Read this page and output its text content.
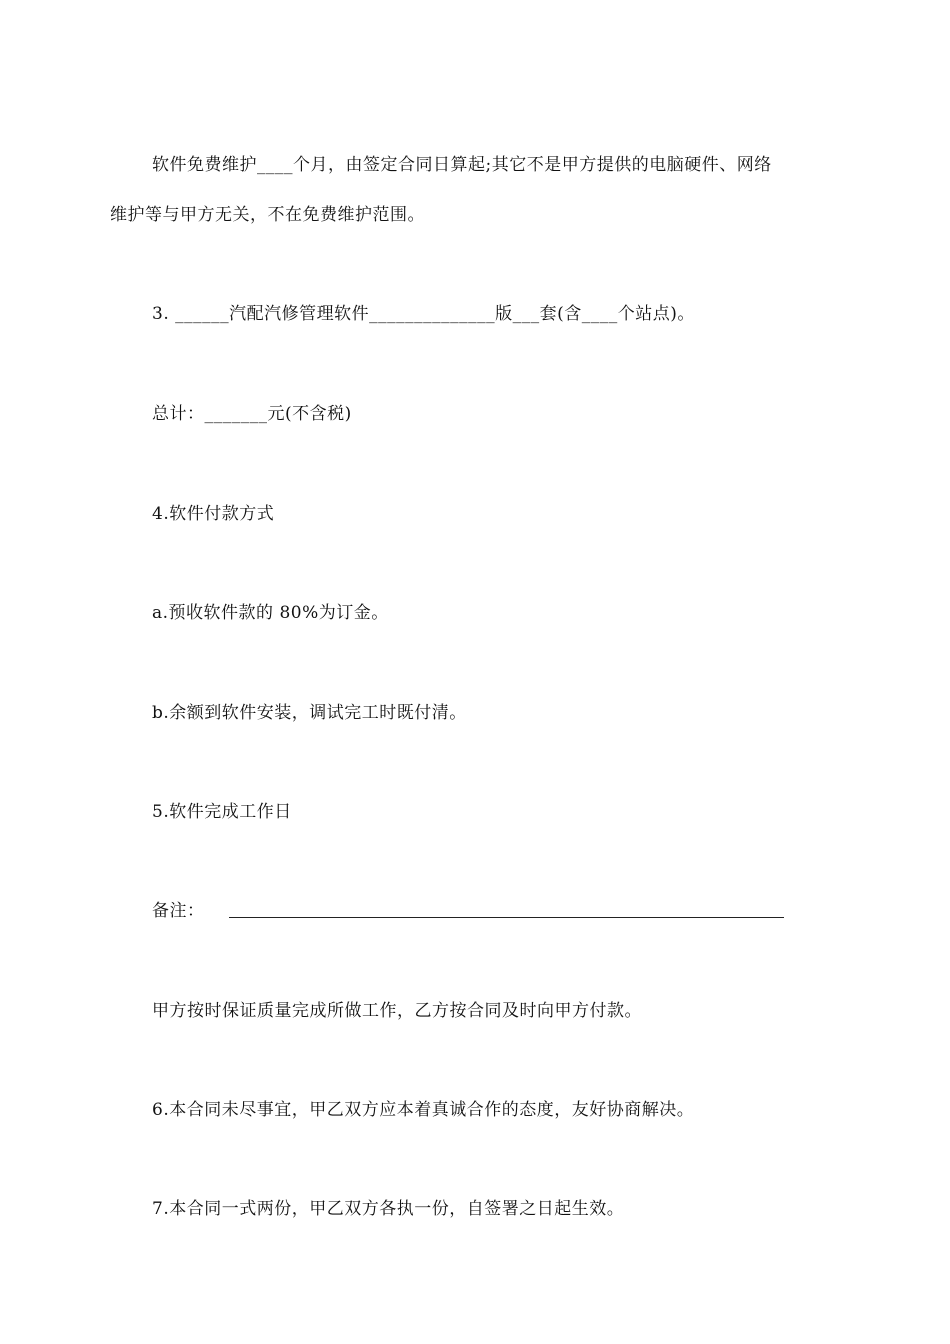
软件免费维护____个月，由签定合同日算起;其它不是甲方提供的电脑硬件、网络
维护等与甲方无关，不在免费维护范围。
3. ______汽配汽修管理软件______________版___套(含____个站点)。
总计：_______元(不含税)
4.软件付款方式
a.预收软件款的 80%为订金。
b.余额到软件安装，调试完工时既付清。
5.软件完成工作日
备注：
甲方按时保证质量完成所做工作，乙方按合同及时向甲方付款。
6.本合同未尽事宜，甲乙双方应本着真诚合作的态度，友好协商解决。
7.本合同一式两份，甲乙双方各执一份，自签署之日起生效。
